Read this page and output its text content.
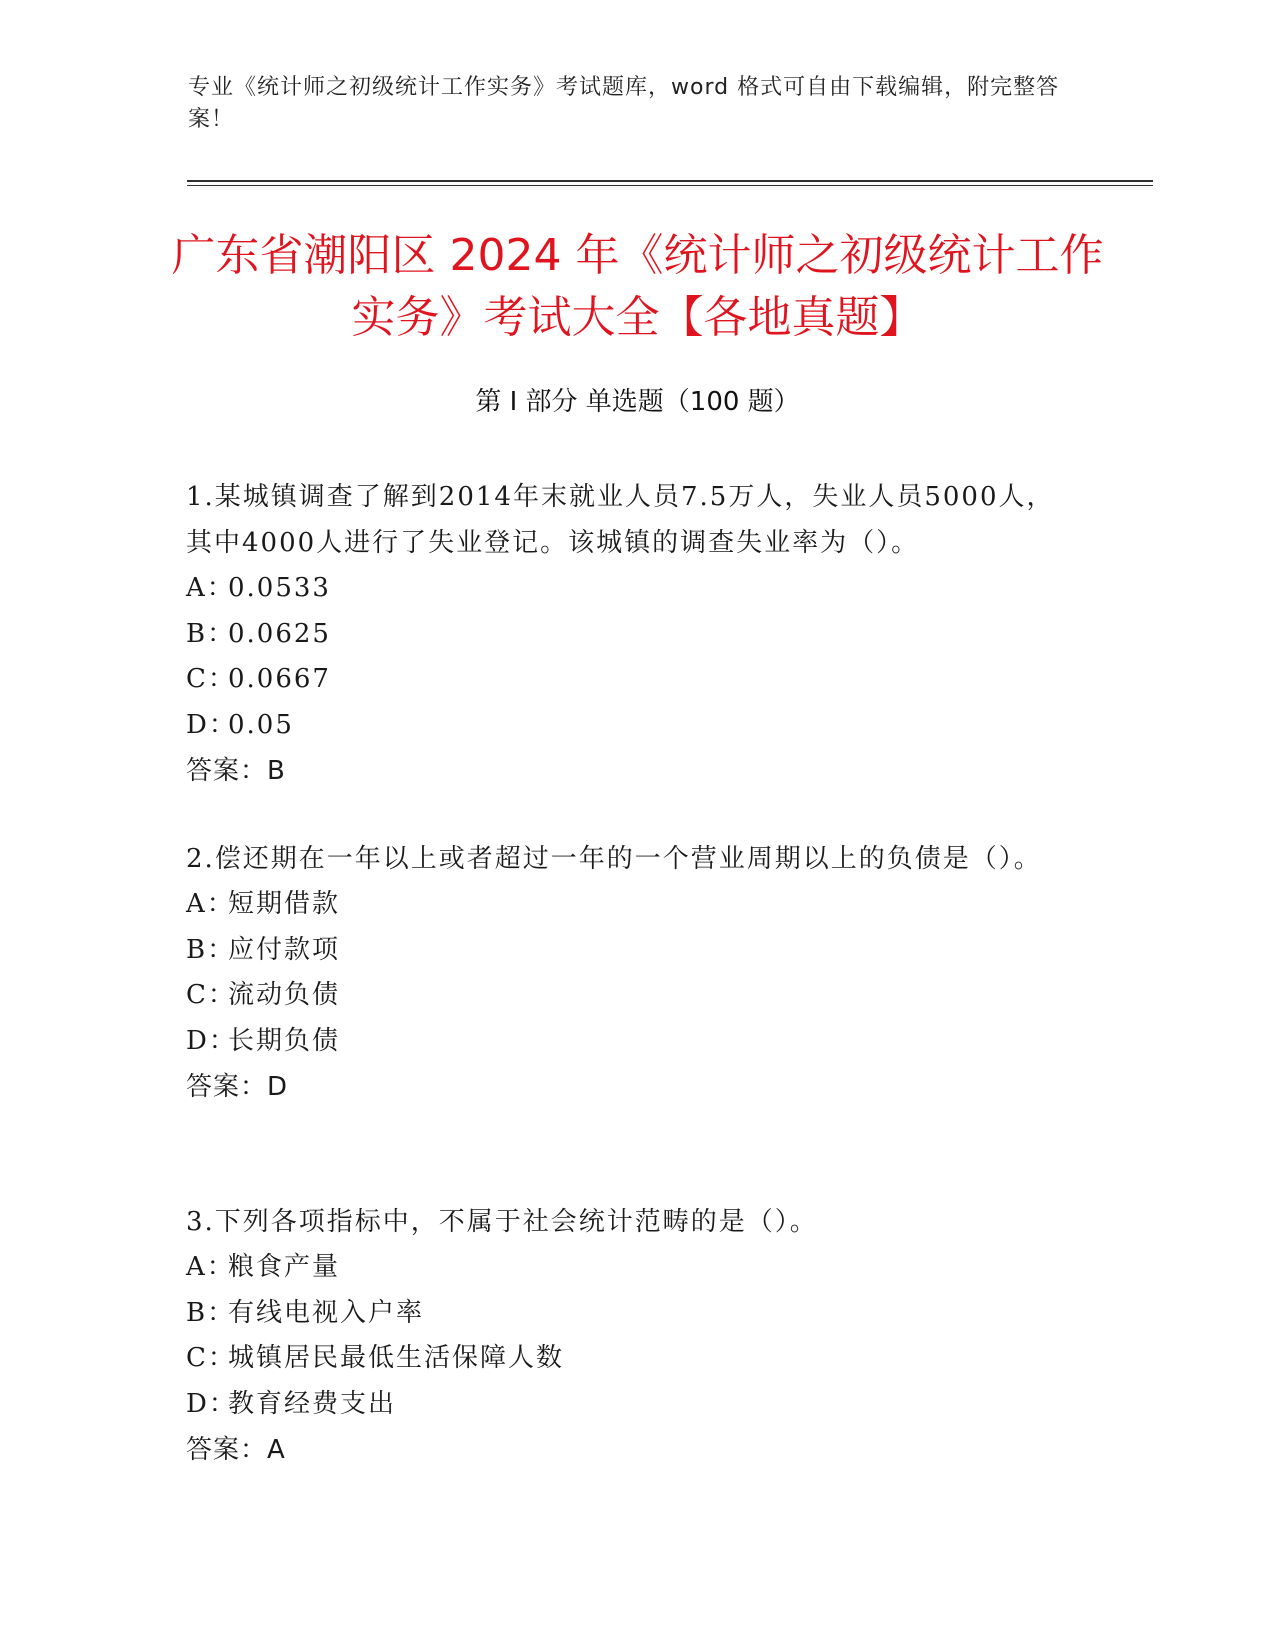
专业《统计师之初级统计工作实务》考试题库，word 格式可自由下载编辑，附完整答案！
广东省潮阳区 2024 年《统计师之初级统计工作实务》考试大全【各地真题】
第 I 部分 单选题（100 题）
1.某城镇调查了解到2014年末就业人员7.5万人，失业人员5000人，其中4000人进行了失业登记。该城镇的调查失业率为（）。
A：0.0533
B：0.0625
C：0.0667
D：0.05
答案：B
2.偿还期在一年以上或者超过一年的一个营业周期以上的负债是（）。
A：短期借款
B：应付款项
C：流动负债
D：长期负债
答案：D
3.下列各项指标中，不属于社会统计范畴的是（）。
A：粮食产量
B：有线电视入户率
C：城镇居民最低生活保障人数
D：教育经费支出
答案：A
